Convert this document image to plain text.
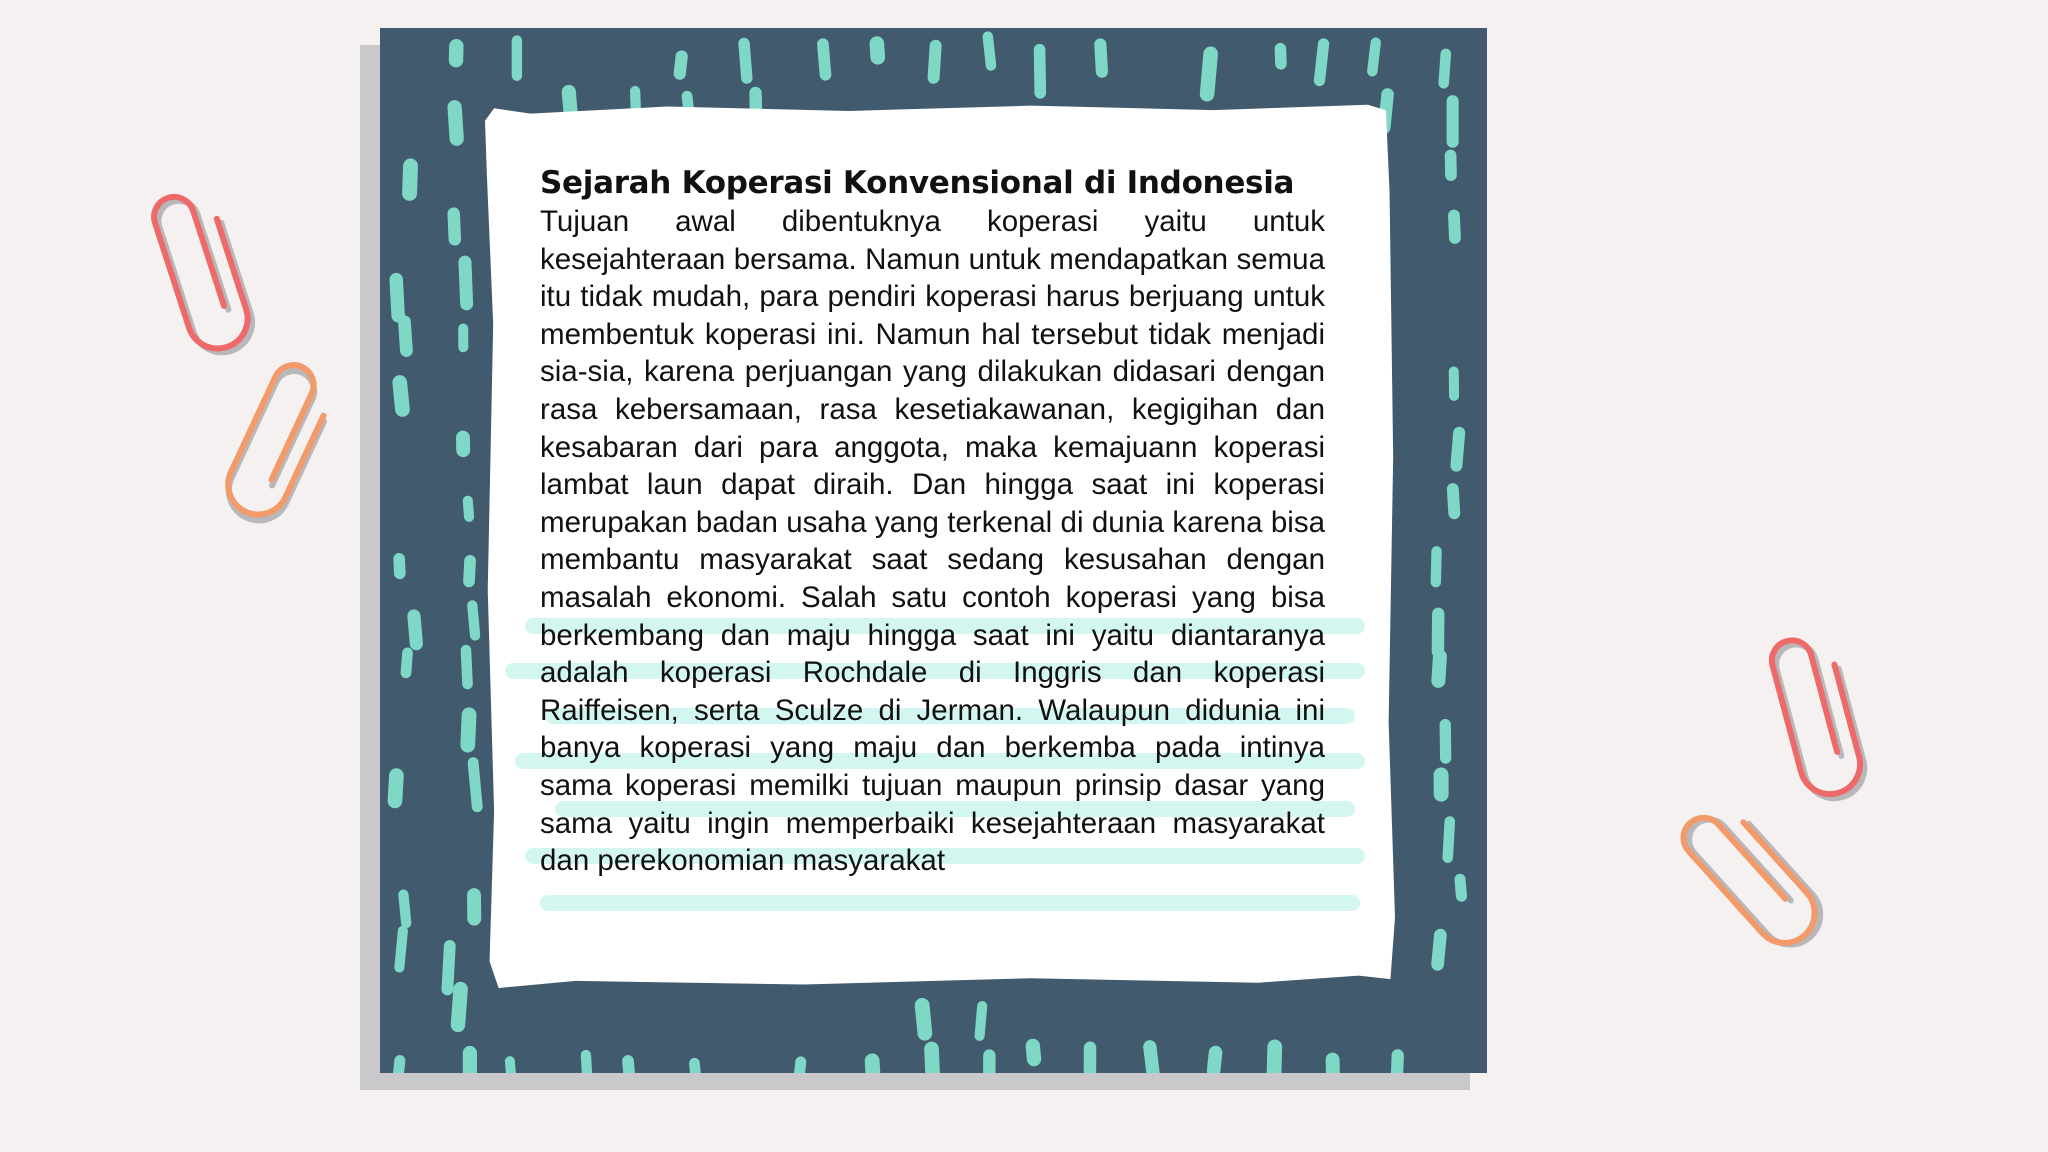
Sejarah Koperasi Konvensional di Indonesia

Tujuan awal dibentuknya koperasi yaitu untuk kesejahteraan bersama. Namun untuk mendapatkan semua itu tidak mudah, para pendiri koperasi harus berjuang untuk membentuk koperasi ini. Namun hal tersebut tidak menjadi sia-sia, karena perjuangan yang dilakukan didasari dengan rasa kebersamaan, rasa kesetiakawanan, kegigihan dan kesabaran dari para anggota, maka kemajuann koperasi lambat laun dapat diraih. Dan hingga saat ini koperasi merupakan badan usaha yang terkenal di dunia karena bisa membantu masyarakat saat sedang kesusahan dengan masalah ekonomi. Salah satu contoh koperasi yang bisa berkembang dan maju hingga saat ini yaitu diantaranya adalah koperasi Rochdale di Inggris dan koperasi Raiffeisen, serta Sculze di Jerman. Walaupun didunia ini banya koperasi yang maju dan berkemba pada intinya sama koperasi memilki tujuan maupun prinsip dasar yang sama yaitu ingin memperbaiki kesejahteraan masyarakat dan perekonomian masyarakat
